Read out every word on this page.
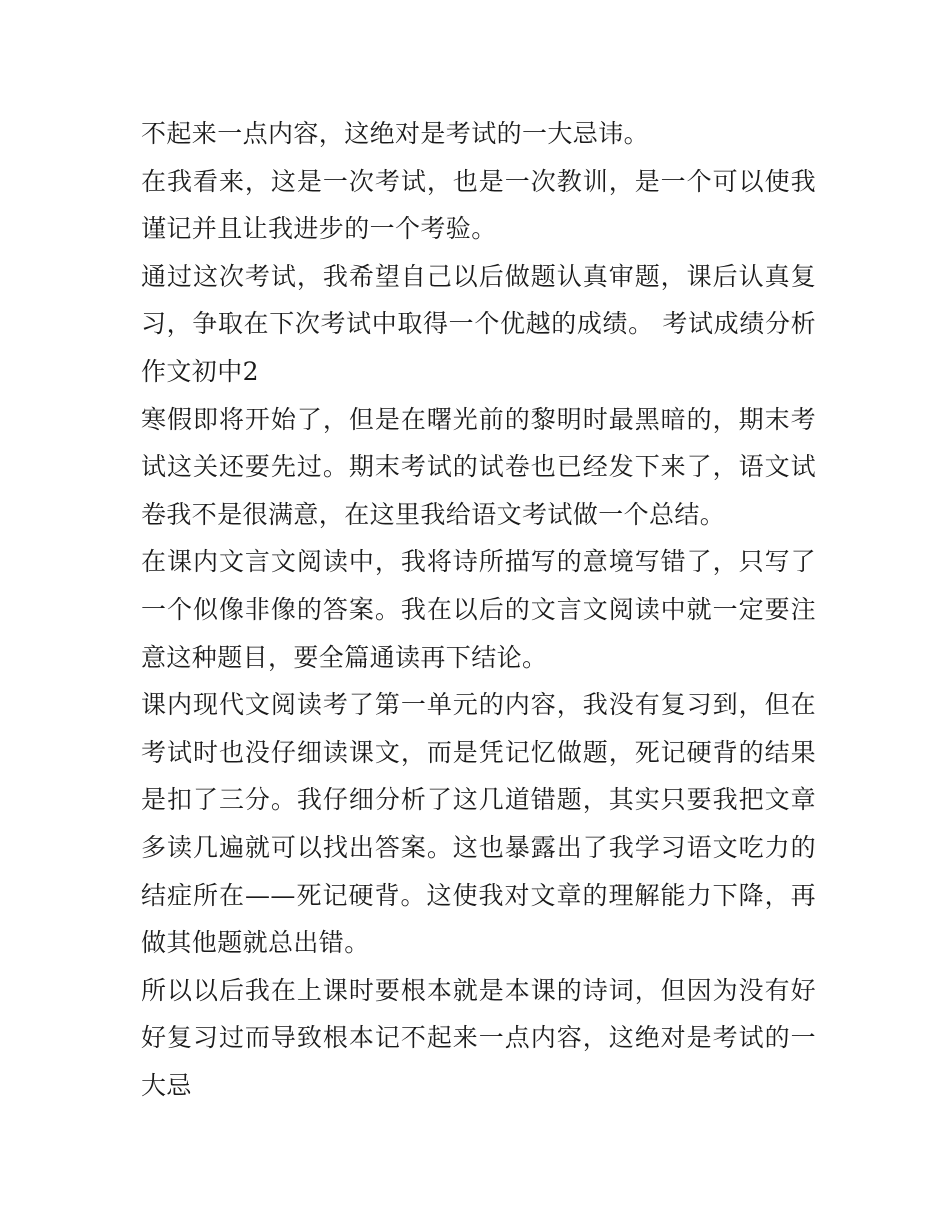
不起来一点内容，这绝对是考试的一大忌讳。

在我看来，这是一次考试，也是一次教训，是一个可以使我谨记并且让我进步的一个考验。

通过这次考试，我希望自己以后做题认真审题，课后认真复习，争取在下次考试中取得一个优越的成绩。 考试成绩分析作文初中2

寒假即将开始了，但是在曙光前的黎明时最黑暗的，期末考试这关还要先过。期末考试的试卷也已经发下来了，语文试卷我不是很满意，在这里我给语文考试做一个总结。

在课内文言文阅读中，我将诗所描写的意境写错了，只写了一个似像非像的答案。我在以后的文言文阅读中就一定要注意这种题目，要全篇通读再下结论。

课内现代文阅读考了第一单元的内容，我没有复习到，但在考试时也没仔细读课文，而是凭记忆做题，死记硬背的结果是扣了三分。我仔细分析了这几道错题，其实只要我把文章多读几遍就可以找出答案。这也暴露出了我学习语文吃力的结症所在——死记硬背。这使我对文章的理解能力下降，再做其他题就总出错。

所以以后我在上课时要根本就是本课的诗词，但因为没有好好复习过而导致根本记不起来一点内容，这绝对是考试的一大忌
